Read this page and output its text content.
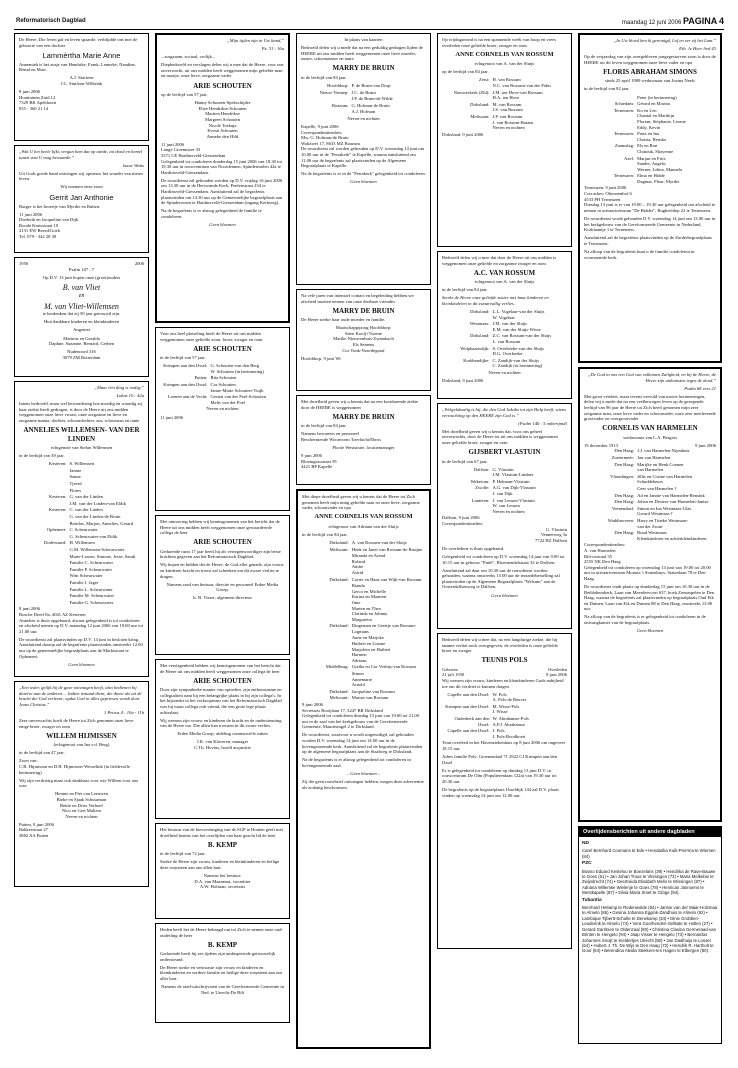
Reformatorisch Dagblad	maandag 12 juni 2006 PAGINA 4

De Heere, Die leven gaf en leven spaarde, verblijdde ons met de geboorte van een dochter

Lammèrtha Marie Anne

Annemieh is het zusje van Hendrike, Frank, Lenneke, Nandine, Remd en Marc.

A.J. Stuifzen
J.C. Stuifzen-Wilbrink

8 juni 2006
Houttuinen Zuid 12
7329 BK Apeldoorn
055 - 360 21 14

„Wat U het heele lijkt, vergun hem dat op aarde, tot dood en hemel ianen vast U mag bewaarde.”

Isaac Watts

Uit Gods goede hand ontvingen wij opnieuw het wonder van nieuw leven.

Wij noemen onze zoon

Gerrit Jan Anthonie

Rutger is het broertje van Myrthe en Ruben.

11 juni 2006
Diederik en Jacqueline van Dijk
Roode Kruisstraat 10
2131 EW Beesd/Goek
Tel. 079 - 342 28 30
1956	2006

Psalm 107 : 7

Op D.V. 13 juni hopen onze (groot)ouders

B. van Vliet
en
M. van Vliet-Willemsen

te herdenken dat zij 50 jaar getrouwd zijn.

Hun dankbare kinderen en kleinkinderen

Angeniet

Marinus en Geralda
Daphne, Suzanne, Bernard, Gerben

Nudenoord 316
3079 ZM Rotterdam

„Maar één ding is nodig;”

Lukas 10 : 42a

Intens bedroefd, maar wel bewondering hoe moedig en waardig zij haar ziekte heeft gedragen, is door de Heere uit ons midden weggenomen onze lieve vrouw, onze zorgzame en lieve en zorgzame mama, dochter, schoondochter, zus, schoonzus en tante

ANNELIES WILLEMSEN- VAN DER LINDEN

echtgenote van Stefan Willemsen

in de leeftijd van 39 jaar.

Kesteren: S. Willemsen
Jannie
Sanne
Tjeerd
Flores
Kesteren: G. van der Linden
J.M. van der Linden-van Eldik
Kesteren: C. van der Linden
G. van der Linden-de Bruin
Bertilas, Marjon, Annelies, Gerard
Ophemert: C. Scheurwater
G. Scheurwater-van Eldik
Dodewaard: H. Willemsen
G.M. Willemsen-Scheurwater
Marie-Louise, Simone, Jesse, Sarah
Familie C. Scheurwater
Familie P. Scheurwater
Wim Scheurwater
Familie J. Jager
Familie L. Scheurwater
Familie M. Scheurwater
Familie G. Scheurwater
8 juni 2006
Bosche Dreef 8a, 4041 AZ Kesteren

Annelies is thuis opgebaard, alwaar gelegenheid is tot condoleren en afscheid nemen op D.V. maandag 12 juni 2006 van 19.00 uur tot 21.00 uur.

De rouwdienst zal plaatsvinden op D.V. 14 juni in besloten kring. Aansluitend daarop zal de begrafenis plaatsvinden omstreeks 12.00 uur op de gemeentelijke begraafplaats aan de Marktstraat te Ophemert.

Geen bloemen

„Een ieder, gelijk hij de gave ontvangen heeft, alzo bedienen hij dezelve aan de anderen.... Indien iemand dient, die diene als uit de kracht die God verleent; opdat God in alles gepriesen wordt door Jezus Christus.”

1 Petrus 4 : 10a - 11b

Zeer onverwachts hoeft de Heere tot Zich genomen onze lieve enige broer, zwager en oom

WILLEM HIJMISSEN

(echtgenoot van Ina v.d. Berg)

in de leeftijd van 47 jaar.

Zoon van:
C.B. Hijmissen en D.H. Hijmissen-Wesselink (in liefdevolle herinnering)

Wij zijn verdrietig maar ook dankbaar voor wie Willem voor ons was:

Hennie en Piet van Leeuwen
Bieke en Sjaak Schuurman
Bettie en Driss Verhoef
Nico en Gert Maliera
Neven en nichten

Putten, 9 juni 2006
Bakkerstraat 27
3882 AA Putten

„Mijn tijden zijn in Uw hand,”

Ps. 31 : 16a

...zorgzaam, sociaal, vrolijk...

Diepbedroefd en verslagen delen wij u mee dat de Heere, voor ons onverwacht, uit ons midden heeft weggenomen mijn geliefde man en maatje, onze lieve, zorgzame vader

ARIE SCHOUTEN

op de leeftijd van 57 jaar.

Hanny Schouten-Spekschijder
Elize Hendrikse-Schouten
Martien Hendrikse
Margreet Schouten
Nicole Toekaja
Everat Schouten
Anneke den Hild

11 juni 2006
Lange Groenmoer 33
3371 CE Hardinxveld-Giessendam

Gelegenheid tot condoleren donderdag 15 juni 2006 van 18.30 tot 19.30 uur in rouwcentrum van Noordennen, Spindermolen 42a te Hardinxveld-Giessendam.

De rouwdienst zal gehouden worden op D.V. vrijdag 16 juni 2006 om 13.30 uur in de Hervormde Kerk, Peulenstraat 234 te Hardinxveld-Giessendam. Aansluitend zal de begrafenis plaatsvinden om 14.30 uur op de Gemeentelijke begraafplaats aan de Spinderooien te Hardinxveld-Giessendam (ingang Kerkweg).

Na de begrafenis is er alsnog gelegenheid de familie te condoleren.

Geen bloemen

Voor ons heel plotseling heeft de Heere uit ons midden weggenomen onze geliefde zoon, broer, zwager en oom

ARIE SCHOUTEN

in de leeftijd van 57 jaar.

Krimpen aan den IJssel: G. Schouten-van den Berg
W. Schouten (in herinnering)
Putten: Rita Schouten
Krimpen aan den IJssel: Cor Schouten
Janne-Marie Schouten-Vuijk
Loenen aan de Vecht: Gesien van der Poel-Schouten
Melis van der Poel

Neven en nichten

11 juni 2006

Met ontroering hebben wij kennisgenomen van het bericht dat de Heere uit ons midden heeft weggenomen onze gewaardeerde collega de heer

ARIE SCHOUTEN

Gedurende ruim 17 jaar heeft hij als vertegenwoordiger zijn beste krachten gegeven aan het Reformatorisch Dagblad.

Wij hopen en bidden dat de Heere, de God aller genade, zijn vrouw en kinderen kracht en troost zal schenken om dit zware verlies te dragen.

Namens raad van bestuur, directie en personeel Erdee Media Groep,

Ir. B. Visser, algemeen directeur

Met verslagenheid hebben wij kennisgenomen van het bericht dat de Heere uit ons midden heeft weggenomen onze collega de heer

ARIE SCHOUTEN

Door zijn sympathieke manier van optreden, zijn enthousiasme en collegialiteit nam hij een belangrijke plaats in bij zijn collega's. In het bijzonder in het verkoopteam van het Reformatorisch Dagblad was hij naast collega ook vriend, die een grote lege plaats achterlaat.

Wij wensen zijn vrouw en kinderen de kracht en de ondersteuning van de Heere toe. Die allen kan troosten in dit zware verlies.

Erdee Media Groep, afdeling commerciële zaken

J.K. van Klaveren, manager
C.Th. Hovius, hoofd acquisitie

Het bestuur van de kiesvereniging van de SGP te Houten geeft met droefheid kennis van het overlijden van haar geacht lid de heer

B. KEMP

in de leeftijd van 72 jaar.

Sterke de Heere zijn vrouw, kinderen en kleinkinderen en heilige deze roepsteen aan ons allen hart.

Namens het bestuur:
D.A. van Maanenat, voorzitter
A.W. Hofman, secretaris

Heden heeft het de Heere behaagd om tot Zich te nemen onze oud-ouderling de heer

B. KEMP

Gedurende heeft hij zes tijdens zijn ambtsperiode getrouwelijk ondersteund.

De Heere sterke en vertroaste zijn vrouw en kinderen en kleinkinderen en verdere familie en heilige deze roepsteen aan ons aller hart.

Namens de raad-uitschrijvaten van de Gereformeerde Gemeente in Ned. te Utrecht-De Bilt

In plaats van kaarten

Bedroefd delen wij u mede dat na een geduldig gedragen lijden de HEERE uit ons midden heeft weggenomen onze lieve moeder, zuster, schoonzuster en tante

MARRY DE BRUIN

in de leeftijd van 84 jaar.

Hoofddorp: P. de Bruin-van Dorp
Nieuw-Vennep: J.C. de Bruin
J.P. de Bruin-de Wilde
Boazum: G. Hofman-de Bruin
A.J. Hofman

Neven en nichten

Kapelle, 9 juni 2006
Correspondentieadres:
Mw. G. Hofman-de Bruin
Waltawei 17, 8633 MZ Boazum

De rouwdienst zal worden gehouden op D.V. woensdag 14 juni om 10.00 uur in de "Petrakerk" te Kapelle, waarna aansluitend om 11.00 uur de begrafenis zal plaatsvinden op de Algemene Begraafplaats te Kapelle.

Na de begrafenis is er in de "Petrakerk" gelegenheid tot condoleren.

Geen bloemen

Na vele jaren van intensief contact en begeleiding hebben we afscheid moeten nemen van onze dierbare vriendin

MARRY DE BRUIN

De Heere sterke haar oude moeder en familie.

Maatschappijzorg Hoofddorp:
Stien Koolj+Twente
Marike Nieuwenhuis-Zwambach
Els Semens
Cor Vonk-Noordegraaf

Hoofddorp, 9 juni '06

Met droefheid geven wij u kennis dat na een kortdurende ziekte door de HEERE is weggenomen

MARRY DE BRUIN

in de leeftijd van 84 jaar.

Namens bewoners en personeel
Beschermende Woonvorm Toevlucht/Ebros

Plooie Weststrate, locatiemanager

9 juni 2006
Bloemgrasstraat 59
4421 BP Kapelle

Met diepe droefheid geven wij u kennis dat de Heere tot Zich genomen heeft mijn innig geliefde man en onze lieve, zorgzame vader, schoonvader en opa

ANNE CORNELIS VAN ROSSUM

echtgenoot van Adriana van der Sluijs

in de leeftijd van 84 jaar.

Dirksland: A. van Rossum-van der Sluijs
Melissant: Henk en Janet van Rossum-de Bruijne
Miranda en Arend
Roland
Andre
Astrid
Dirksland: Corrie en Hans van Wijk-van Rossum
Bianda
Gerco en Michelle
Karina en Maarten
Jime
Marten en Theo
Clarinda en Johnny
Margaretta
Dirksland: Dingeman en Geertje van Rossum-Logmans
Anne en Marjoke
Huibert en Lianne
Marjolein en Huibert
Harmen
Adriaan
Middelburg: Gretha en Cor Verbijs-van Rossum
Simon
Annemarie
Arnold
Dirksland: Jacqueline van Rossum
Melissant: Marius van Rossum
9 juni 2006
Secretaris Booijlaan 17, 3247 BR Dirksland

Gelegenheid tot condoleren dinsdag 13 juni van 19.00 tot 21.00 uur in de zaal van het kerkgebouw van de Gereformeerde Gemeente, Mauritsingel 2 te Dirksland.

De rouwdienst, waarvoor u wordt uitgenodigd, zal gehouden worden D.V. woensdag 14 juni om 14.00 uur in de bovengenoemde kerk. Aansluitend zal de begrafenis plaatsvinden op de algemene begraafplaats aan de Staalweg te Dirksland.

Na de begrafenis is er alsnog gelegenheid tot condoleren in bovengenoemde zaal.

– Geen bloemen –

Zij die geen rouwbrief ontvangen hebben, mogen deze advertentie als zodanig beschouwen.

Op vrijdagavond is na een spannende week van hoop en vrees overleden onze geliefde broer, zwager en oom

ANNE CORNELIS VAN ROSSUM

echtgenoot van A. van der Sluijs

op de leeftijd van 84 jaar.

Zeist: H. van Rossum
N.C. van Rossum-van der Palm
Nieuwerkerk (Zld): J.M. ten Hove-van Rossum
H.A. ten Hove
Dirksland: M. van Rossum
J.S. van Rossum
Melissant: J.P. van Rossum
J. van Rossum-Braam
Neven en nichten
Dirksland, 9 juni 2006

Bedroefd delen wij u mee dat door de Heere uit ons midden is weggenomen onze geliefde en zorgzame zwager en oom

A.C. VAN ROSSUM

echtgenoot van A. van der Sluijs

in de leeftijd van 84 jaar.

Sterke de Heere onze geliefde zuster met haar kinderen en kleinkinderen in dit zwaarvallig verlies.

Dirksland: L.L. Vogelaar-van der Sluijs
W. Vogelaar
Westmaas: J.M. van der Sluijs
E.M. van der Sluijs-Wisse
Dirksland: Z.C. van Rossum-van der Sluijs
L. van Rossum
Wolphaartsdijk: S. Overbeeke-van der Sluijs
D.G. Overbeeke
Krabbendijke: C. Zandijk-van der Sluijs
C. Zandijk (in herinnering)

Neven en nichten

Dirksland, 9 juni 2006

„Welgelukzalig is hij, die den God Jakobs tot zijn Hulp heeft, wiens verwachting op den HEERE zijn God is.”

(Psalm 146 : 5 onberijmd)

Met droefheid geven wij u kennis dat, voor ons geheel onverwachts, door de Heere tot uit ons midden is weggenomen onze geliefde broer, zwager en oom

GIJSBERT VLASTUIN

in de leeftijd van 67 jaar.

Dalfsen: G. Vlastuin
J.M. Vlastuin-Lindner
Wekerom: P. Hekman-Vlastuin
Zwolle: A.G. van Dijk-Vlastuin
J. van Dijk
Lunteren: J. van Leusen-Vlastuin
W. van Leusen
Neven en nichten
Dalfsen, 9 juni 2006
Correspondentieadres:

G. Vlastuin
Vennerweg 3a
7722 HZ Dalfsen

De overledene is thuis opgebaard.

Gelegenheid tot condoleren op D.V. woensdag 14 juni van 9.00 tot 10.15 uur in gebouw "Pniël", Bloemendalstraat 32 te Dalfsen.

Aansluitend zal daar om 10.30 uur de rouwdienst worden gehouden, waarna omstreeks 13.00 uur de teraardebestelling zal plaatsvinden op de Algemene Begraafplaats "Welsum" aan de Oosterdalfsenweg te Dalfsen.

Geen bloemen

Bedroefd delen wij u mee dat, na een langdurige ziekte, die hij tamme verliet noch overgegeven, de overleden is onze geliefde broer en zwager

TEUNIS POLS
Geboren
21 juli 1930
Overleden
8 juni 2006

Wij wensen zijn vrouw, kinderen en kleinkinderen Gods nabijheid toe om dit verdriet te kunnen dragen.

Capelle aan den IJssel: W. Pols
A. Pols-de Reuver
Krimpen aan den IJssel: M. Wisse-Pols
J. Wisse
Ouderkerk aan den IJssel:
W. Abrahamse-Pols
A.P.J. Abrahamse
Capelle aan den IJssel: J. Pols
J. Pols-Boodhoeri

Teun overleed in het Havenziekenhuis op 8 juni 2006 om ongeveer 18.15 uur.

Adres familie Pols: Groenendaal 71 2922 CJ Krimpen aan den IJssel

Er is gelegenheid tot condoleren op dinsdag 13 juni D.V. in rouwcentrum De Olm (Populierenlaan 122a) van 19.30 uur tot 20.30 uur.

De begrafenis op de begraafplaats IJsseldijk 144 zal D.V. plaats vinden op woensdag 14 juni om 12.00 uur.

„In Uw bloed ben ik gereinigd, Lof en eer zij het Lam.”

Eib. Je Heer lied 43

Op de verjaardag van zijn overgebleven jongegestorven zoon is door de HEERE uit dit leven weggenomen onze lieve vader en opa

FLORIS ABRAHAM SIMONS

sinds 25 april 1980 weduwnaar van Jozina Neels

in de leeftijd van 82 jaar.

Peter (in herinnering)
Schiedam: Gérard en Marina
Terneuzen: Ko en Len
Chantal en Marthijn
Florian, Stéphanie, Leonie
Eddy, Kevin
Terneuzen: Petra en Ina
Christa, Renske
Zaamslag: Els en Ron
Chinouk, Shayenne
Axel: Marjan en Frits
Sander, Angelo,
Werner, Jolina, Manuela
Terneuzen: Elma en Hidde
Dagmar, Fleur, Myrthe
Terneuzen, 9 juni 2006
Corr.adres: Oltenoenhof 6
4533 PH Terneuzen

Dinsdag 13 juni is er van 19.00 – 19.30 uur gelegenheid om afscheid te nemen in uitvaartcentrum "De Bidder", Rugbeeldop 22 te Terneuzen.

De rouwdienst wordt gehouden D.V. woensdag 14 juni om 13.00 uur in het kerkgebouw van de Gereformeerde Gemeente in Nederland, Korklaantje 1 te Terneuzen.

Aansluitend zal de begrafenis plaatsvinden op de Zuiderbegraafplaats te Terneuzen.

Na afloop van de begrafenis kunt u de familie condoleren in voornoemde kerk.

„De God in ons een God van volkomen Zaligheid, en bij de Heere, de Heere zijn uitkomsten tegen de dood.”

Psalm 68 vers 21

Met groot verdriet, maar tevens vervuld van mooie herinneringen, delen wij u mede dat na een veelbewogen leven op de gezegende leeftijd van 96 jaar de Heere tot Zich heeft genomen mijn zeer zorgzame man, onze lieve vader en schoonvader, onze zeer meelevende grootvader en overgrootvader

CORNELIS VAN HARMELEN

weduwnaar van L.A. Bergers

19 december 1913	9 juni 2006
Den Haag: J.J. van Harmelen-Nijenhuis
Zoetermeer: Jan van Harmelen
Den Haag: Marijke en Henk Coenen
van Harmelen
Vlaardingen: Jillis en Corine van Harmelen
Schuddebeurs
Cees van Harmelen †
Den Haag: Ad en Jannie van Harmelen-Rensink
Den Haag: Johan en Desiree van Harmelen-Jantze
Veenendaal: Simon en Ina Westmaas-Glas
Gerard Westmaas †
Waddinxveen: Harry en Tineke Westmaas-
van der Zwan
Den Haag: Ruud Westmaas
Kleinkinderen en achterkleinkinderen
Correspondentieadres:
A. van Harmelen
Bilt-rostraal 35
2555 NK Den Haag

Gelegenheid tot condoleren op woensdag 14 juni van 19.00 tot 20.00 uur in uitvaartcentrum Monuta 't Statenhuys, Statenlaan 78 te Den Haag.

De rouwdienst vindt plaats op donderdag 15 juni om 10.30 uur in de Bethlehemkerk, Laan van Meerdervoort 637, hoek Zeezaspelen te Den Haag, waarna de begrafenis zal plaatsvinden op begraafplaats Oud Eik en Duinen, Laan van Eik en Duinen 88 te Den Haag, omstreeks 13.00 uur.

Na afloop van de begrafenis is er gelegenheid tot condoleren in de ontvangkamer van de begraafplaats.

Geen bloemen

Overlijdensberichten uit andere dagbladen
ND
Carel Bernhard Coomans te Ede • Hendarika Kuik-Pierrma te Wiersen (84)
PZC
Bramo Eduard Kesteloo te Boezelans (39) • Hendrika de Rave-Bauwe te Goes (61) • Jan Johan Truus te Vlissingen (72) • Maria Melkebie te Zwijndrecht (74) • Geertruida Elisabeth Melis te Wissingen (87) • Adriana Willemke Wielenje te Goes (78) • Henrican Jannoens te Westkapelle (87) • Silvia Maria Smet te Clinge (94).
Tubantia
Bernhard Hettamp te Rodenwolde (84) • Jannie van der Maar-Holzmaa te Almelo (85) • Gesina Johanna Eggink-Zandhuis te Almelo (92) • Lambique Tijbertt-Schulte te Denekamp (34) • Dinie Grobben-Leuderink te Almelo (74) • Vera Goorhenden-Gelkate te Holten (27) • Gerard Garritsen te Oldenzaal (80) • Christina Clasina Germeraad-van Brinten te Hengelo (94) • Jaap Visser te Hengelo (73) • Bernardus Johannes Snoijt te Kieldertjes Utrecht (80) • Jan Daalhuijs te Losser (64) • Hubert J. Th. De Wijs te Den Haag (72) • Hendrik R. Hartholt te Goor (84) • Berendina Aleida Stekkers-ten Hagen te Elbergen (80).
